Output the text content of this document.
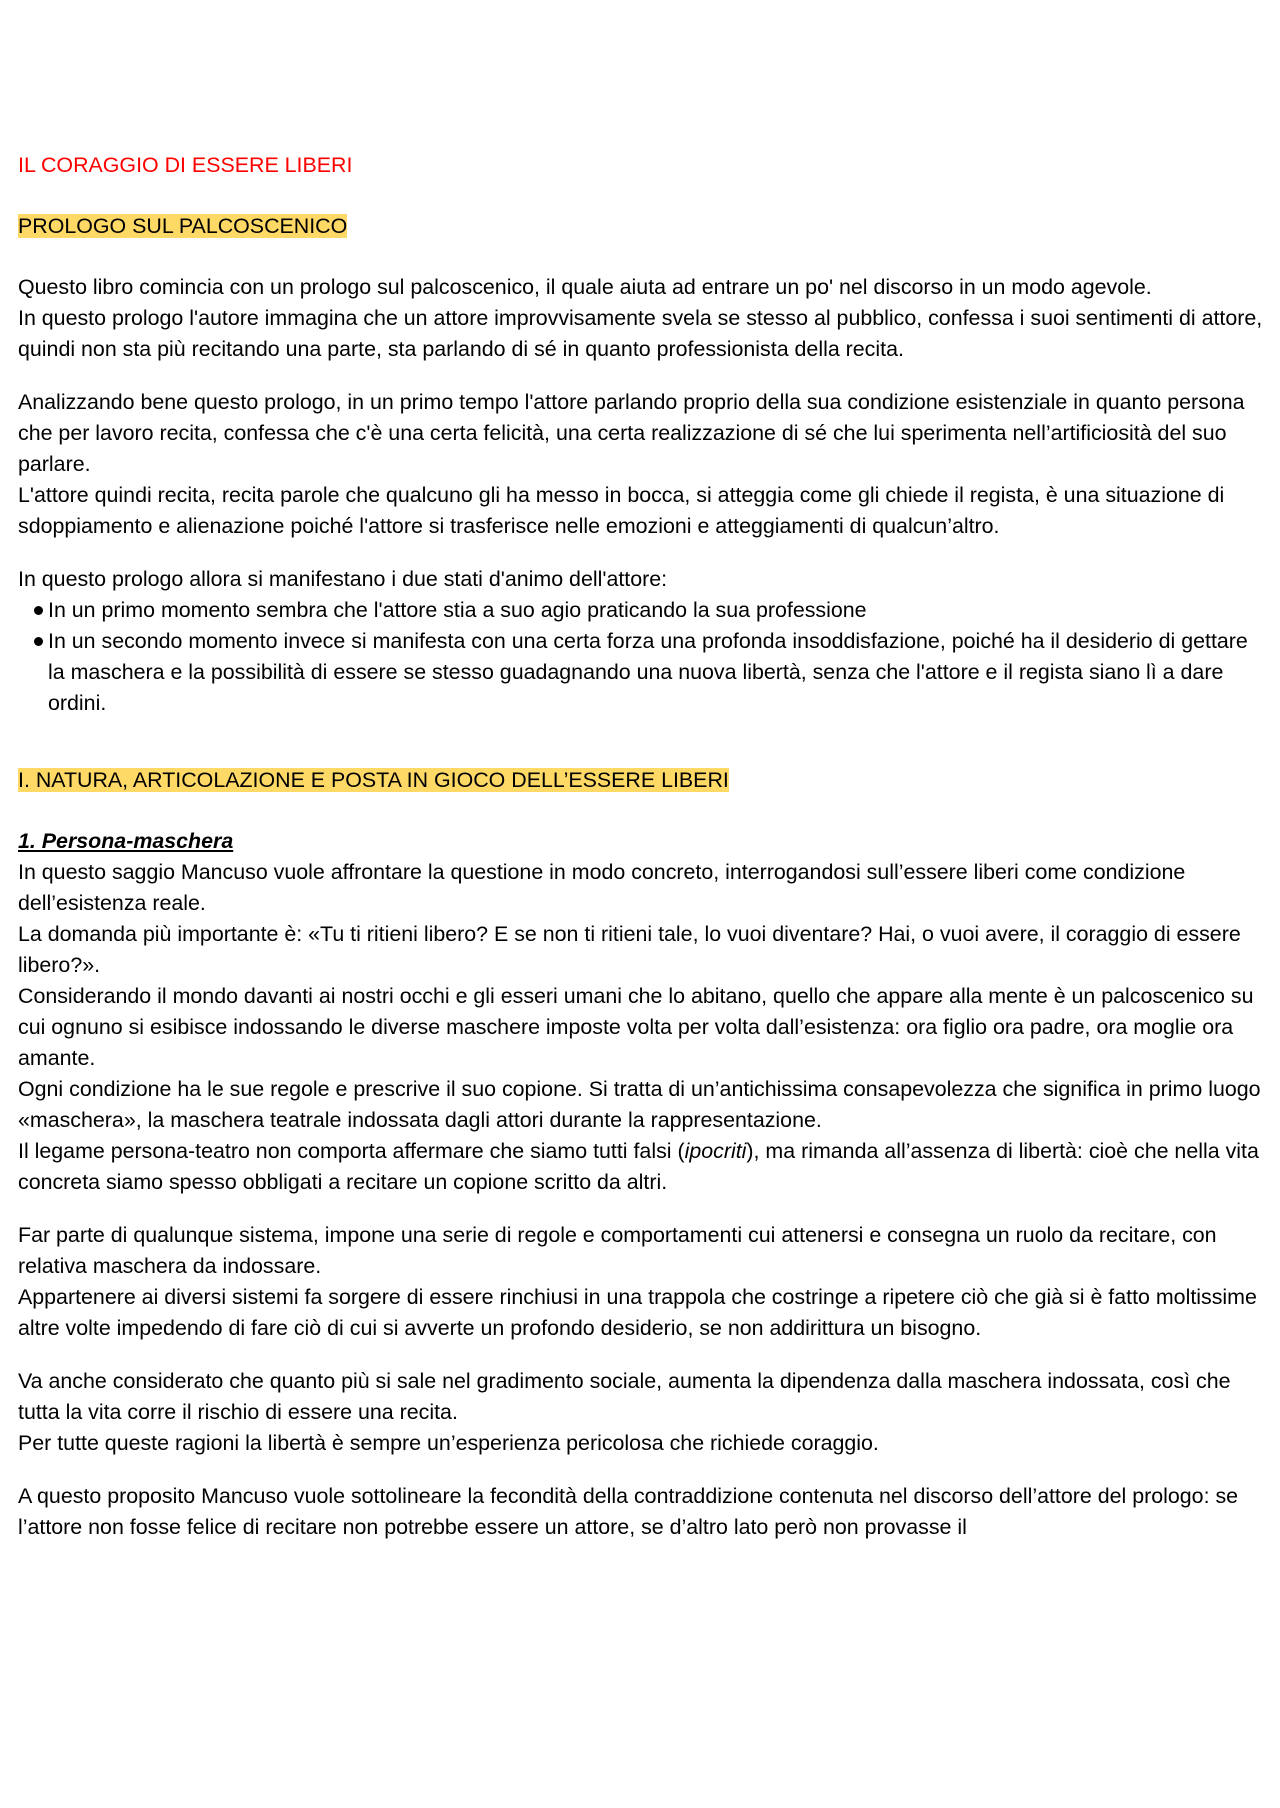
IL CORAGGIO DI ESSERE LIBERI

PROLOGO SUL PALCOSCENICO

Questo libro comincia con un prologo sul palcoscenico, il quale aiuta ad entrare un po' nel discorso in un modo agevole.

In questo prologo l'autore immagina che un attore improvvisamente svela se stesso al pubblico, confessa i suoi sentimenti di attore, quindi non sta più recitando una parte, sta parlando di sé in quanto professionista della recita.

Analizzando bene questo prologo, in un primo tempo l'attore parlando proprio della sua condizione esistenziale in quanto persona che per lavoro recita, confessa che c'è una certa felicità, una certa realizzazione di sé che lui sperimenta nell’artificiosità del suo parlare.

L'attore quindi recita, recita parole che qualcuno gli ha messo in bocca, si atteggia come gli chiede il regista, è una situazione di sdoppiamento e alienazione poiché l'attore si trasferisce nelle emozioni e atteggiamenti di qualcun’altro.

In questo prologo allora si manifestano i due stati d'animo dell'attore:

In un primo momento sembra che l'attore stia a suo agio praticando la sua professione
In un secondo momento invece si manifesta con una certa forza una profonda insoddisfazione, poiché ha il desiderio di gettare la maschera e la possibilità di essere se stesso guadagnando una nuova libertà, senza che l'attore e il regista siano lì a dare ordini.

I. NATURA, ARTICOLAZIONE E POSTA IN GIOCO DELL’ESSERE LIBERI

1. Persona-maschera

In questo saggio Mancuso vuole affrontare la questione in modo concreto, interrogandosi sull’essere liberi come condizione dell’esistenza reale.

La domanda più importante è: «Tu ti ritieni libero? E se non ti ritieni tale, lo vuoi diventare? Hai, o vuoi avere, il coraggio di essere libero?».

Considerando il mondo davanti ai nostri occhi e gli esseri umani che lo abitano, quello che appare alla mente è un palcoscenico su cui ognuno si esibisce indossando le diverse maschere imposte volta per volta dall’esistenza: ora figlio ora padre, ora moglie ora amante.

Ogni condizione ha le sue regole e prescrive il suo copione. Si tratta di un’antichissima consapevolezza che significa in primo luogo «maschera», la maschera teatrale indossata dagli attori durante la rappresentazione.

Il legame persona-teatro non comporta affermare che siamo tutti falsi (ipocriti), ma rimanda all’assenza di libertà: cioè che nella vita concreta siamo spesso obbligati a recitare un copione scritto da altri.

Far parte di qualunque sistema, impone una serie di regole e comportamenti cui attenersi e consegna un ruolo da recitare, con relativa maschera da indossare.

Appartenere ai diversi sistemi fa sorgere di essere rinchiusi in una trappola che costringe a ripetere ciò che già si è fatto moltissime altre volte impedendo di fare ciò di cui si avverte un profondo desiderio, se non addirittura un bisogno.

Va anche considerato che quanto più si sale nel gradimento sociale, aumenta la dipendenza dalla maschera indossata, così che tutta la vita corre il rischio di essere una recita.

Per tutte queste ragioni la libertà è sempre un’esperienza pericolosa che richiede coraggio.

A questo proposito Mancuso vuole sottolineare la fecondità della contraddizione contenuta nel discorso dell’attore del prologo: se l’attore non fosse felice di recitare non potrebbe essere un attore, se d’altro lato però non provasse il
